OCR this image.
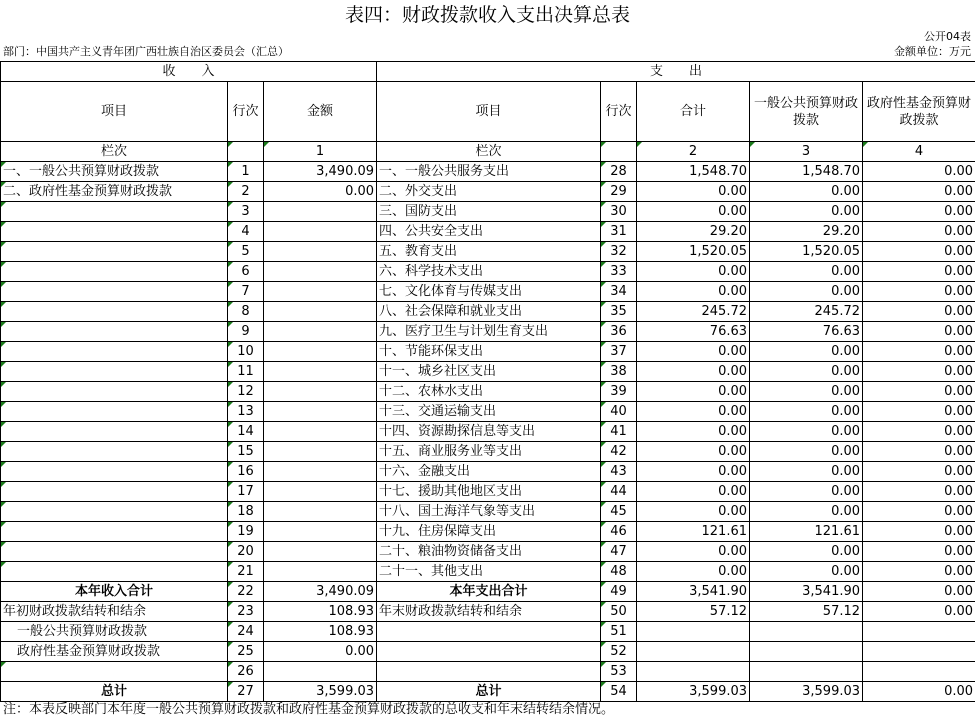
表四：财政拨款收入支出决算总表
公开04表
部门：中国共产主义青年团广西壮族自治区委员会（汇总）	金额单位：万元
收　　入			支　　出				
项目	行次	金额	项目	行次	合计	一般公共预算财政拨款	政府性基金预算财政拨款
栏次		1	栏次		2	3	4
一、一般公共预算财政拨款	1	3,490.09	一、一般公共服务支出	28	1,548.70	1,548.70	0.00
二、政府性基金预算财政拨款	2	0.00	二、外交支出	29	0.00	0.00	0.00
	3		三、国防支出	30	0.00	0.00	0.00
	4		四、公共安全支出	31	29.20	29.20	0.00
	5		五、教育支出	32	1,520.05	1,520.05	0.00
	6		六、科学技术支出	33	0.00	0.00	0.00
	7		七、文化体育与传媒支出	34	0.00	0.00	0.00
	8		八、社会保障和就业支出	35	245.72	245.72	0.00
	9		九、医疗卫生与计划生育支出	36	76.63	76.63	0.00
	10		十、节能环保支出	37	0.00	0.00	0.00
	11		十一、城乡社区支出	38	0.00	0.00	0.00
	12		十二、农林水支出	39	0.00	0.00	0.00
	13		十三、交通运输支出	40	0.00	0.00	0.00
	14		十四、资源勘探信息等支出	41	0.00	0.00	0.00
	15		十五、商业服务业等支出	42	0.00	0.00	0.00
	16		十六、金融支出	43	0.00	0.00	0.00
	17		十七、援助其他地区支出	44	0.00	0.00	0.00
	18		十八、国土海洋气象等支出	45	0.00	0.00	0.00
	19		十九、住房保障支出	46	121.61	121.61	0.00
	20		二十、粮油物资储备支出	47	0.00	0.00	0.00
	21		二十一、其他支出	48	0.00	0.00	0.00
本年收入合计	22	3,490.09	本年支出合计	49	3,541.90	3,541.90	0.00
年初财政拨款结转和结余	23	108.93	年末财政拨款结转和结余	50	57.12	57.12	0.00
一般公共预算财政拨款	24	108.93		51			
政府性基金预算财政拨款	25	0.00		52			
	26			53			
总计	27	3,599.03	总计	54	3,599.03	3,599.03	0.00
注：本表反映部门本年度一般公共预算财政拨款和政府性基金预算财政拨款的总收支和年末结转结余情况。
